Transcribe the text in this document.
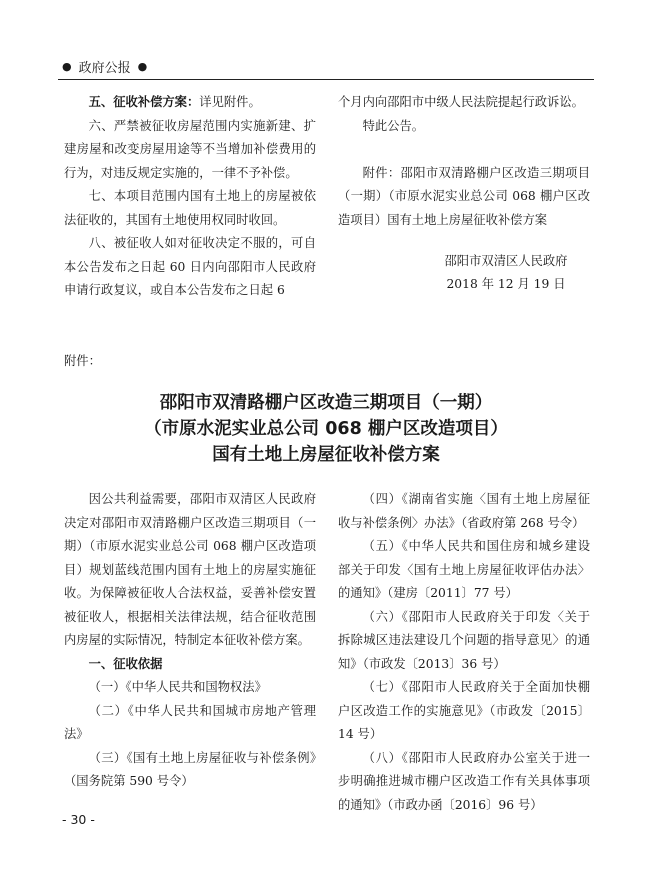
● 政府公报 ●

五、征收补偿方案：详见附件。

六、严禁被征收房屋范围内实施新建、扩建房屋和改变房屋用途等不当增加补偿费用的行为，对违反规定实施的，一律不予补偿。

七、本项目范围内国有土地上的房屋被依法征收的，其国有土地使用权同时收回。

八、被征收人如对征收决定不服的，可自本公告发布之日起 60 日内向邵阳市人民政府申请行政复议，或自本公告发布之日起 6

个月内向邵阳市中级人民法院提起行政诉讼。

特此公告。

附件：邵阳市双清路棚户区改造三期项目（一期）（市原水泥实业总公司 068 棚户区改造项目）国有土地上房屋征收补偿方案

邵阳市双清区人民政府
2018 年 12 月 19 日
附件：
邵阳市双清路棚户区改造三期项目（一期）
（市原水泥实业总公司 068 棚户区改造项目）
国有土地上房屋征收补偿方案

因公共利益需要，邵阳市双清区人民政府决定对邵阳市双清路棚户区改造三期项目（一期）（市原水泥实业总公司 068 棚户区改造项目）规划蓝线范围内国有土地上的房屋实施征收。为保障被征收人合法权益，妥善补偿安置被征收人，根据相关法律法规，结合征收范围内房屋的实际情况，特制定本征收补偿方案。

一、征收依据

（一）《中华人民共和国物权法》

（二）《中华人民共和国城市房地产管理法》

（三）《国有土地上房屋征收与补偿条例》（国务院第 590 号令）

（四）《湖南省实施〈国有土地上房屋征收与补偿条例〉办法》（省政府第 268 号令）

（五）《中华人民共和国住房和城乡建设部关于印发〈国有土地上房屋征收评估办法〉的通知》（建房〔2011〕77 号）

（六）《邵阳市人民政府关于印发〈关于拆除城区违法建设几个问题的指导意见〉的通知》（市政发〔2013〕36 号）

（七）《邵阳市人民政府关于全面加快棚户区改造工作的实施意见》（市政发〔2015〕14 号）

（八）《邵阳市人民政府办公室关于进一步明确推进城市棚户区改造工作有关具体事项的通知》（市政办函〔2016〕96 号）

- 30 -
